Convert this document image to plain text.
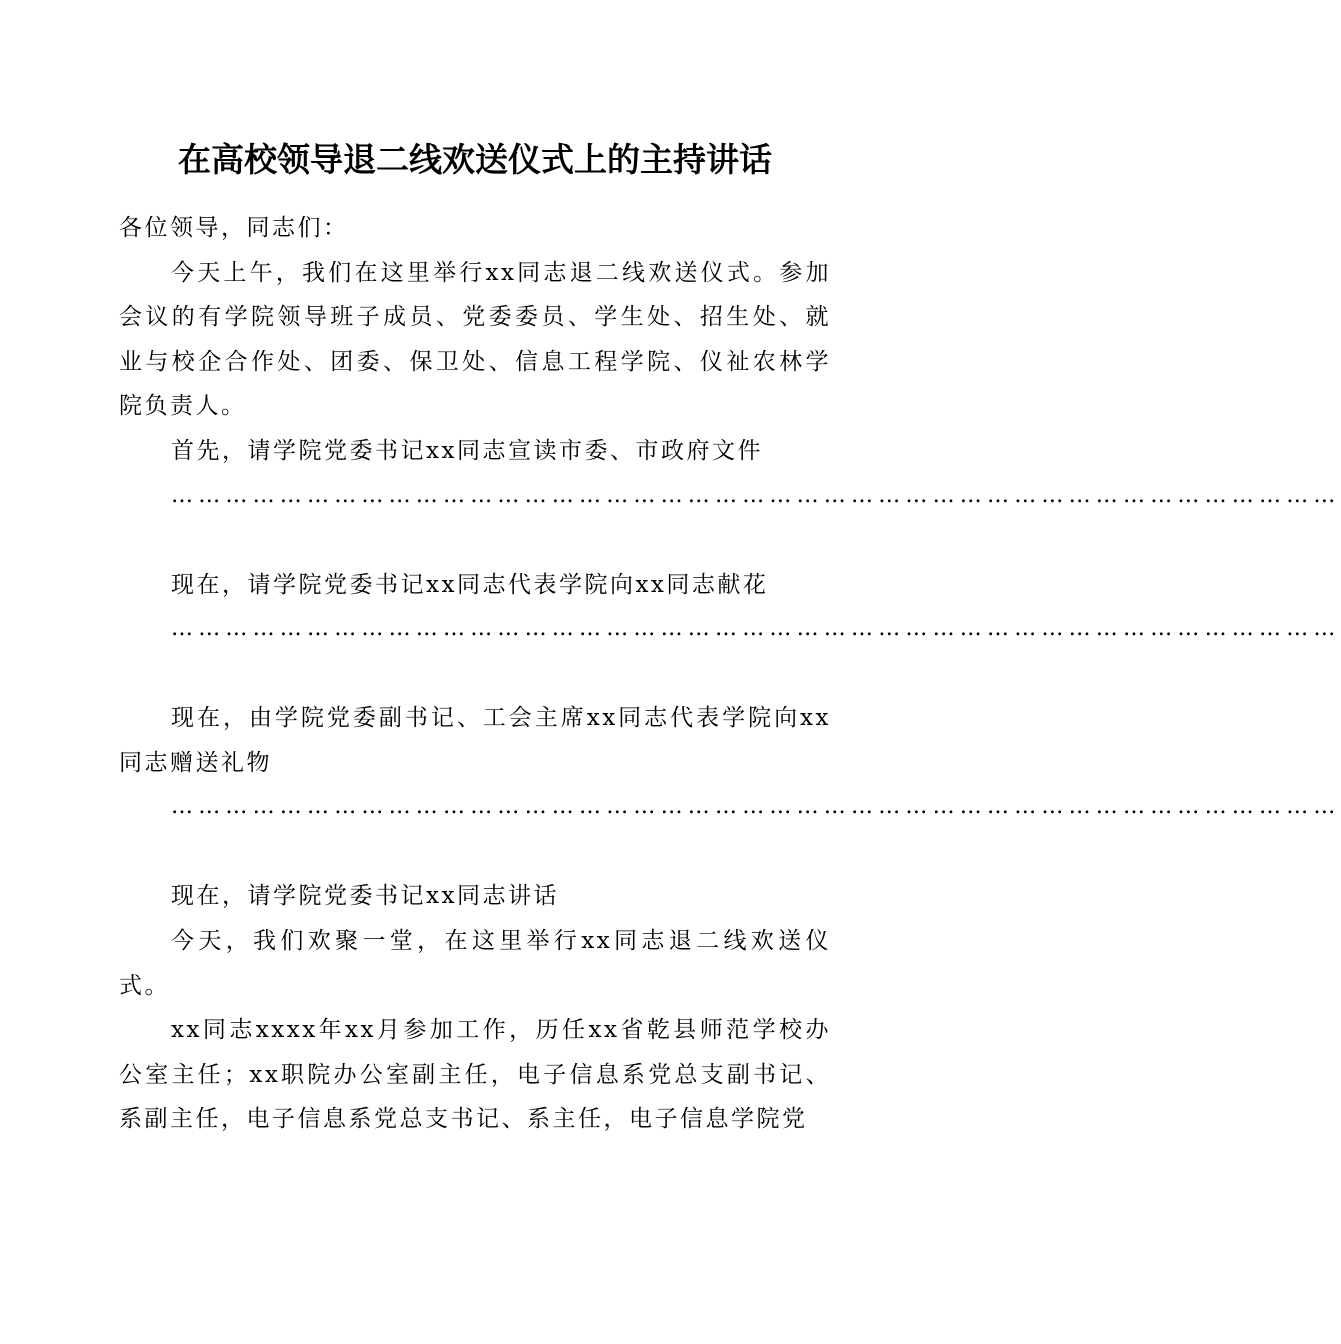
在高校领导退二线欢送仪式上的主持讲话

各位领导，同志们：

今天上午，我们在这里举行xx同志退二线欢送仪式。参加会议的有学院领导班子成员、党委委员、学生处、招生处、就业与校企合作处、团委、保卫处、信息工程学院、仪祉农林学院负责人。

首先，请学院党委书记xx同志宣读市委、市政府文件

…………………………………………………………………………………………………………………

现在，请学院党委书记xx同志代表学院向xx同志献花

…………………………………………………………………………………………………………………

现在，由学院党委副书记、工会主席xx同志代表学院向xx同志赠送礼物

…………………………………………………………………………………………………………………

现在，请学院党委书记xx同志讲话

今天，我们欢聚一堂，在这里举行xx同志退二线欢送仪式。

xx同志xxxx年xx月参加工作，历任xx省乾县师范学校办公室主任；xx职院办公室副主任，电子信息系党总支副书记、系副主任，电子信息系党总支书记、系主任，电子信息学院党
